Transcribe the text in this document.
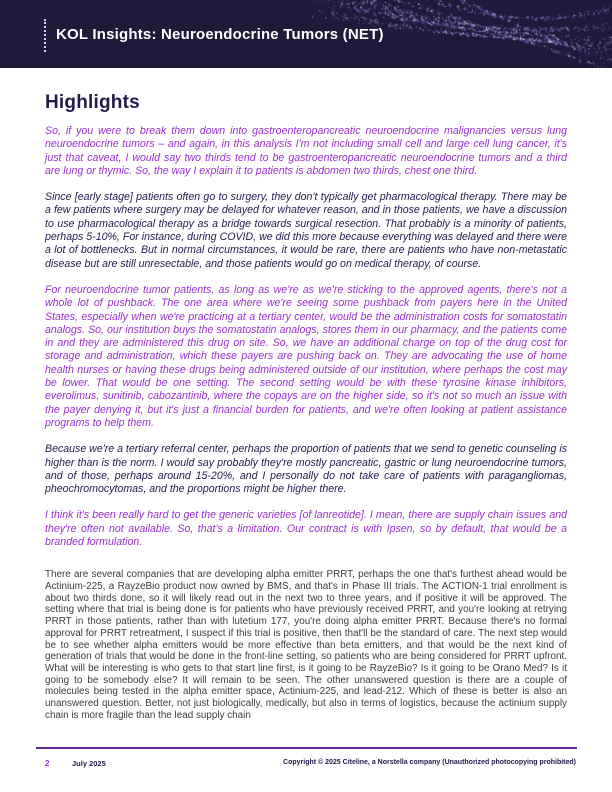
KOL Insights: Neuroendocrine Tumors (NET)
Highlights

So, if you were to break them down into gastroenteropancreatic neuroendocrine malignancies versus lung neuroendocrine tumors – and again, in this analysis I'm not including small cell and large cell lung cancer, it's just that caveat, I would say two thirds tend to be gastroenteropancreatic neuroendocrine tumors and a third are lung or thymic. So, the way I explain it to patients is abdomen two thirds, chest one third.

Since [early stage] patients often go to surgery, they don't typically get pharmacological therapy. There may be a few patients where surgery may be delayed for whatever reason, and in those patients, we have a discussion to use pharmacological therapy as a bridge towards surgical resection. That probably is a minority of patients, perhaps 5-10%, For instance, during COVID, we did this more because everything was delayed and there were a lot of bottlenecks. But in normal circumstances, it would be rare, there are patients who have non-metastatic disease but are still unresectable, and those patients would go on medical therapy, of course.

For neuroendocrine tumor patients, as long as we're as we're sticking to the approved agents, there's not a whole lot of pushback. The one area where we're seeing some pushback from payers here in the United States, especially when we're practicing at a tertiary center, would be the administration costs for somatostatin analogs. So, our institution buys the somatostatin analogs, stores them in our pharmacy, and the patients come in and they are administered this drug on site. So, we have an additional charge on top of the drug cost for storage and administration, which these payers are pushing back on. They are advocating the use of home health nurses or having these drugs being administered outside of our institution, where perhaps the cost may be lower. That would be one setting. The second setting would be with these tyrosine kinase inhibitors, everolimus, sunitinib, cabozantinib, where the copays are on the higher side, so it's not so much an issue with the payer denying it, but it's just a financial burden for patients, and we're often looking at patient assistance programs to help them.

Because we're a tertiary referral center, perhaps the proportion of patients that we send to genetic counseling is higher than is the norm. I would say probably they're mostly pancreatic, gastric or lung neuroendocrine tumors, and of those, perhaps around 15-20%, and I personally do not take care of patients with paragangliomas, pheochromocytomas, and the proportions might be higher there.

I think it's been really hard to get the generic varieties [of lanreotide]. I mean, there are supply chain issues and they're often not available. So, that's a limitation. Our contract is with Ipsen, so by default, that would be a branded formulation.

There are several companies that are developing alpha emitter PRRT, perhaps the one that's furthest ahead would be Actinium-225, a RayzeBio product now owned by BMS, and that's in Phase III trials. The ACTION-1 trial enrollment is about two thirds done, so it will likely read out in the next two to three years, and if positive it will be approved. The setting where that trial is being done is for patients who have previously received PRRT, and you're looking at retrying PRRT in those patients, rather than with lutetium 177, you're doing alpha emitter PRRT. Because there's no formal approval for PRRT retreatment, I suspect if this trial is positive, then that'll be the standard of care. The next step would be to see whether alpha emitters would be more effective than beta emitters, and that would be the next kind of generation of trials that would be done in the front-line setting, so patients who are being considered for PRRT upfront. What will be interesting is who gets to that start line first, is it going to be RayzeBio? Is it going to be Orano Med? Is it going to be somebody else? It will remain to be seen. The other unanswered question is there are a couple of molecules being tested in the alpha emitter space, Actinium-225, and lead-212. Which of these is better is also an unanswered question. Better, not just biologically, medically, but also in terms of logistics, because the actinium supply chain is more fragile than the lead supply chain

2	July 2025	Copyright © 2025 Citeline, a Norstella company (Unauthorized photocopying prohibited)
